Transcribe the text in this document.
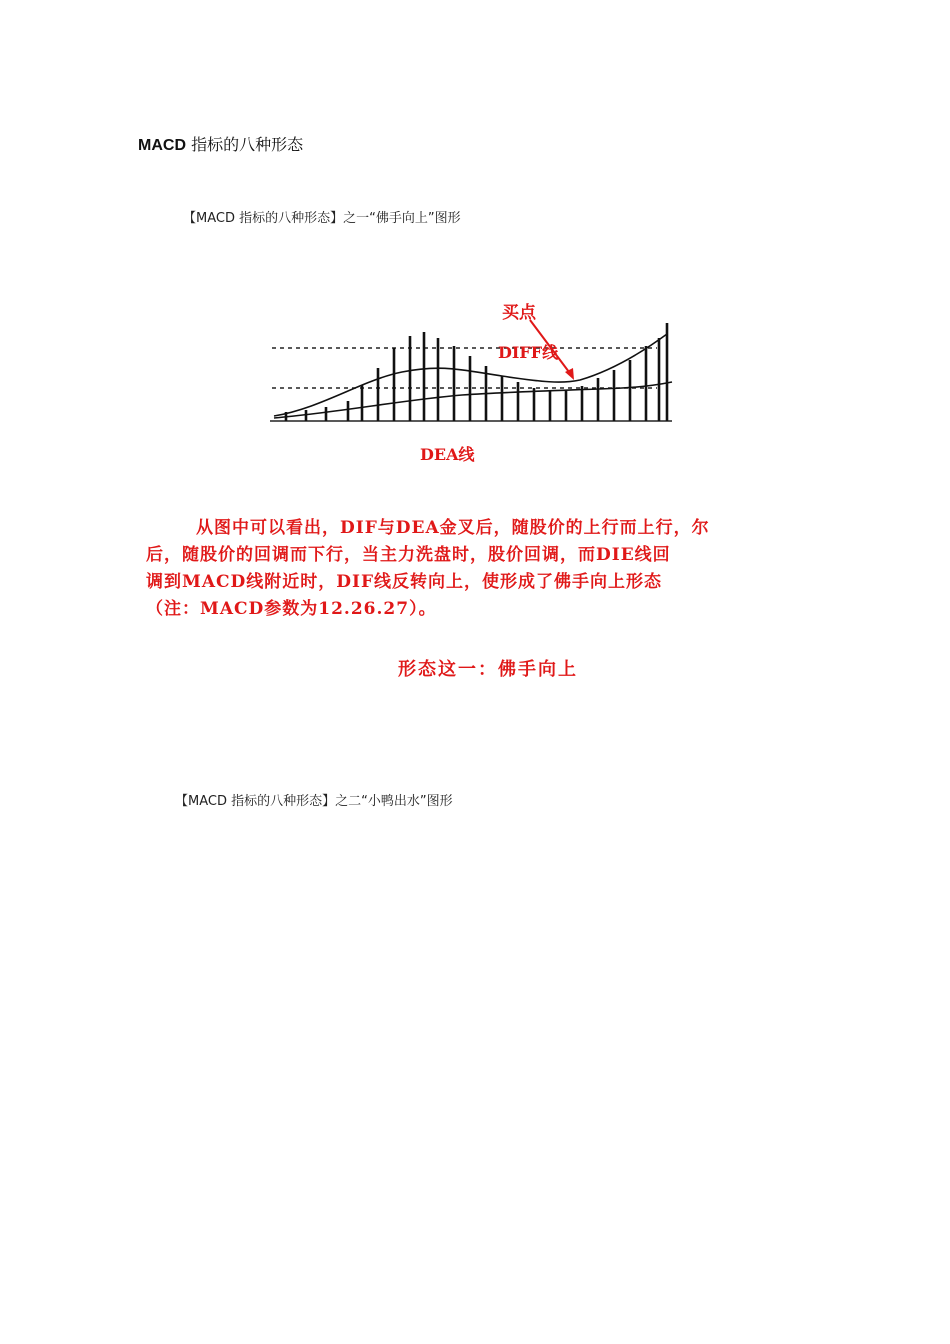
MACD 指标的八种形态
【MACD 指标的八种形态】之一“佛手向上”图形
买点
DIFF线
DEA线
从图中可以看出，DIF与DEA金叉后，随股价的上行而上行，尔
后，随股价的回调而下行，当主力洗盘时，股价回调，而DIE线回
调到MACD线附近时，DIF线反转向上，使形成了佛手向上形态
（注：MACD参数为12.26.27）。
形态这一：佛手向上
【MACD 指标的八种形态】之二“小鸭出水”图形
